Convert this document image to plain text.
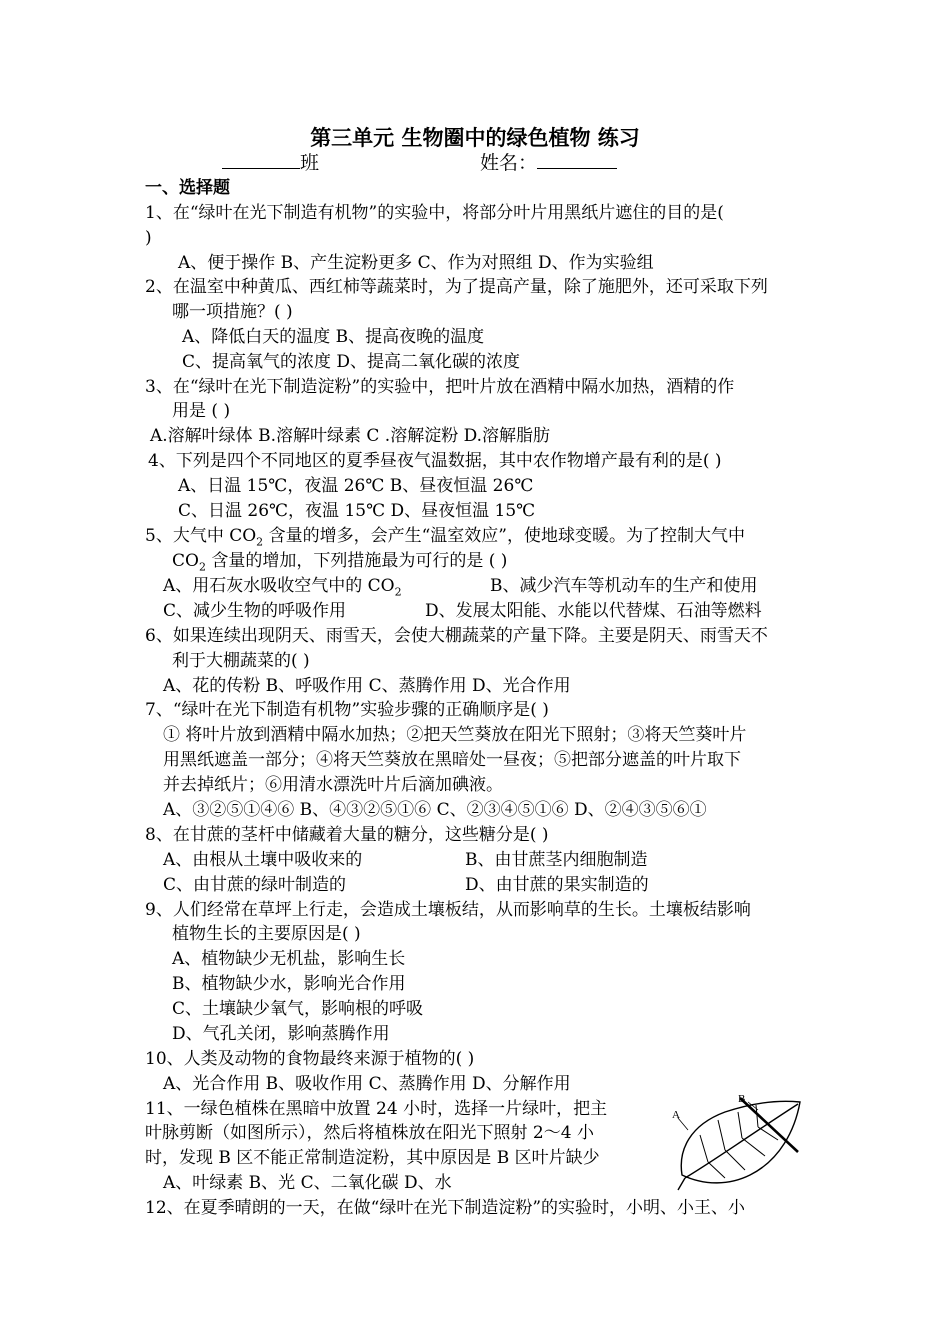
第三单元 生物圈中的绿色植物 练习
班	姓名：
一、选择题
1、在“绿叶在光下制造有机物”的实验中，将部分叶片用黑纸片遮住的目的是(
)
A、便于操作 B、产生淀粉更多 C、作为对照组 D、作为实验组
2、在温室中种黄瓜、西红柿等蔬菜时，为了提高产量，除了施肥外，还可采取下列
哪一项措施？( )
A、降低白天的温度 B、提高夜晚的温度
C、提高氧气的浓度 D、提高二氧化碳的浓度
3、在“绿叶在光下制造淀粉”的实验中，把叶片放在酒精中隔水加热，酒精的作
用是 ( )
A.溶解叶绿体 B.溶解叶绿素 C .溶解淀粉 D.溶解脂肪
4、下列是四个不同地区的夏季昼夜气温数据，其中农作物增产最有利的是( )
A、日温 15℃，夜温 26℃ B、昼夜恒温 26℃
C、日温 26℃，夜温 15℃ D、昼夜恒温 15℃
5、大气中 $CO_2$ 含量的增多，会产生“温室效应”，使地球变暖。为了控制大气中
$CO_2$ 含量的增加，下列措施最为可行的是 ( )
A、用石灰水吸收空气中的 $CO_2$	B、减少汽车等机动车的生产和使用
C、减少生物的呼吸作用	D、发展太阳能、水能以代替煤、石油等燃料
6、如果连续出现阴天、雨雪天，会使大棚蔬菜的产量下降。主要是阴天、雨雪天不
利于大棚蔬菜的( )
A、花的传粉 B、呼吸作用 C、蒸腾作用 D、光合作用
7、“绿叶在光下制造有机物”实验步骤的正确顺序是( )
① 将叶片放到酒精中隔水加热；②把天竺葵放在阳光下照射；③将天竺葵叶片
用黑纸遮盖一部分；④将天竺葵放在黑暗处一昼夜；⑤把部分遮盖的叶片取下
并去掉纸片；⑥用清水漂洗叶片后滴加碘液。
A、③②⑤①④⑥ B、④③②⑤①⑥ C、②③④⑤①⑥ D、②④③⑤⑥①
8、在甘蔗的茎杆中储藏着大量的糖分，这些糖分是( )
A、由根从土壤中吸收来的	B、由甘蔗茎内细胞制造
C、由甘蔗的绿叶制造的	D、由甘蔗的果实制造的
9、人们经常在草坪上行走，会造成土壤板结，从而影响草的生长。土壤板结影响
植物生长的主要原因是( )
A、植物缺少无机盐，影响生长
B、植物缺少水，影响光合作用
C、土壤缺少氧气，影响根的呼吸
D、气孔关闭，影响蒸腾作用
10、人类及动物的食物最终来源于植物的( )
A、光合作用 B、吸收作用 C、蒸腾作用 D、分解作用
11、一绿色植株在黑暗中放置 24 小时，选择一片绿叶，把主
叶脉剪断（如图所示），然后将植株放在阳光下照射 2～4 小
时，发现 B 区不能正常制造淀粉，其中原因是 B 区叶片缺少
A、叶绿素 B、光 C、二氧化碳 D、水
A
B
12、在夏季晴朗的一天，在做“绿叶在光下制造淀粉”的实验时，小明、小王、小
